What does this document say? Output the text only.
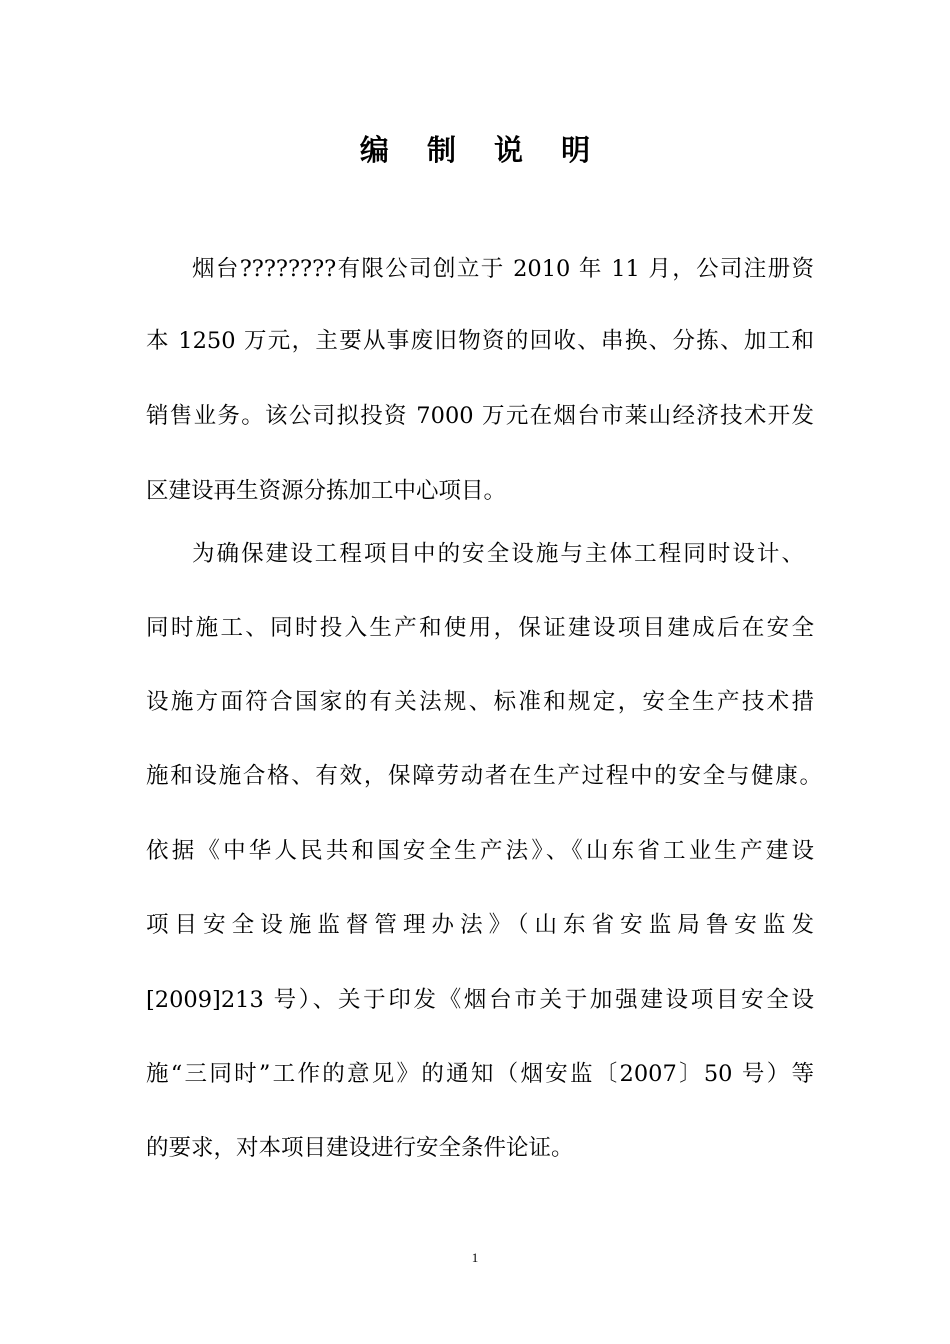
编 制 说 明
烟台????????有限公司创立于 2010 年 11 月，公司注册资
本 1250 万元，主要从事废旧物资的回收、串换、分拣、加工和
销售业务。该公司拟投资 7000 万元在烟台市莱山经济技术开发
区建设再生资源分拣加工中心项目。
为确保建设工程项目中的安全设施与主体工程同时设计、
同时施工、同时投入生产和使用，保证建设项目建成后在安全
设施方面符合国家的有关法规、标准和规定，安全生产技术措
施和设施合格、有效，保障劳动者在生产过程中的安全与健康。
依据《中华人民共和国安全生产法》、《山东省工业生产建设
项目安全设施监督管理办法》（山东省安监局鲁安监发
[2009]213 号）、关于印发《烟台市关于加强建设项目安全设
施“三同时”工作的意见》的通知（烟安监〔2007〕50 号）等
的要求，对本项目建设进行安全条件论证。
1
